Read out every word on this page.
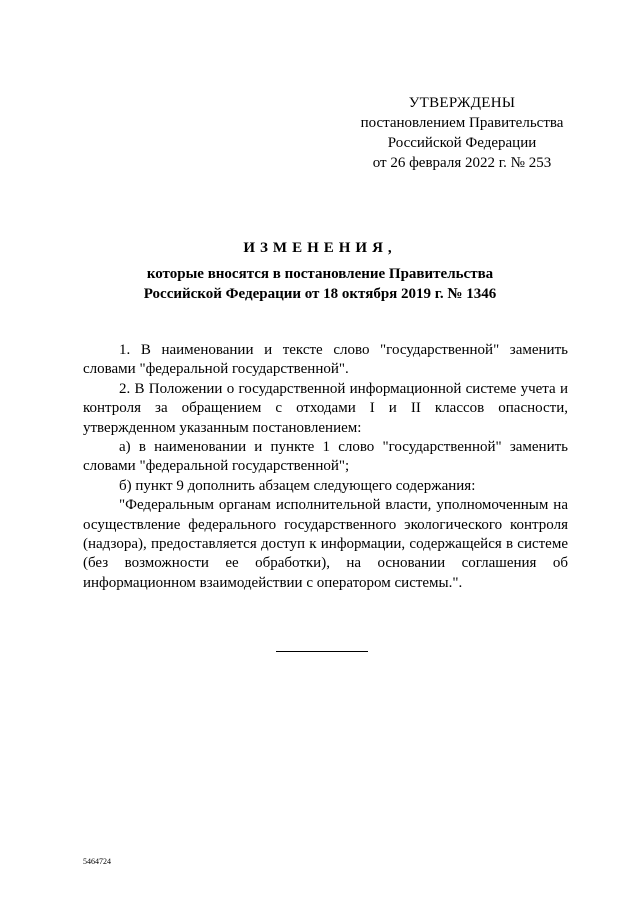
УТВЕРЖДЕНЫ
постановлением Правительства
Российской Федерации
от 26 февраля 2022 г. № 253
ИЗМЕНЕНИЯ,
которые вносятся в постановление Правительства
Российской Федерации от 18 октября 2019 г. № 1346

1. В наименовании и тексте слово "государственной" заменить словами "федеральной государственной".

2. В Положении о государственной информационной системе учета и контроля за обращением с отходами I и II классов опасности, утвержденном указанным постановлением:

а) в наименовании и пункте 1 слово "государственной" заменить словами "федеральной государственной";

б) пункт 9 дополнить абзацем следующего содержания:

"Федеральным органам исполнительной власти, уполномоченным на осуществление федерального государственного экологического контроля (надзора), предоставляется доступ к информации, содержащейся в системе (без возможности ее обработки), на основании соглашения об информационном взаимодействии с оператором системы.".

5464724
